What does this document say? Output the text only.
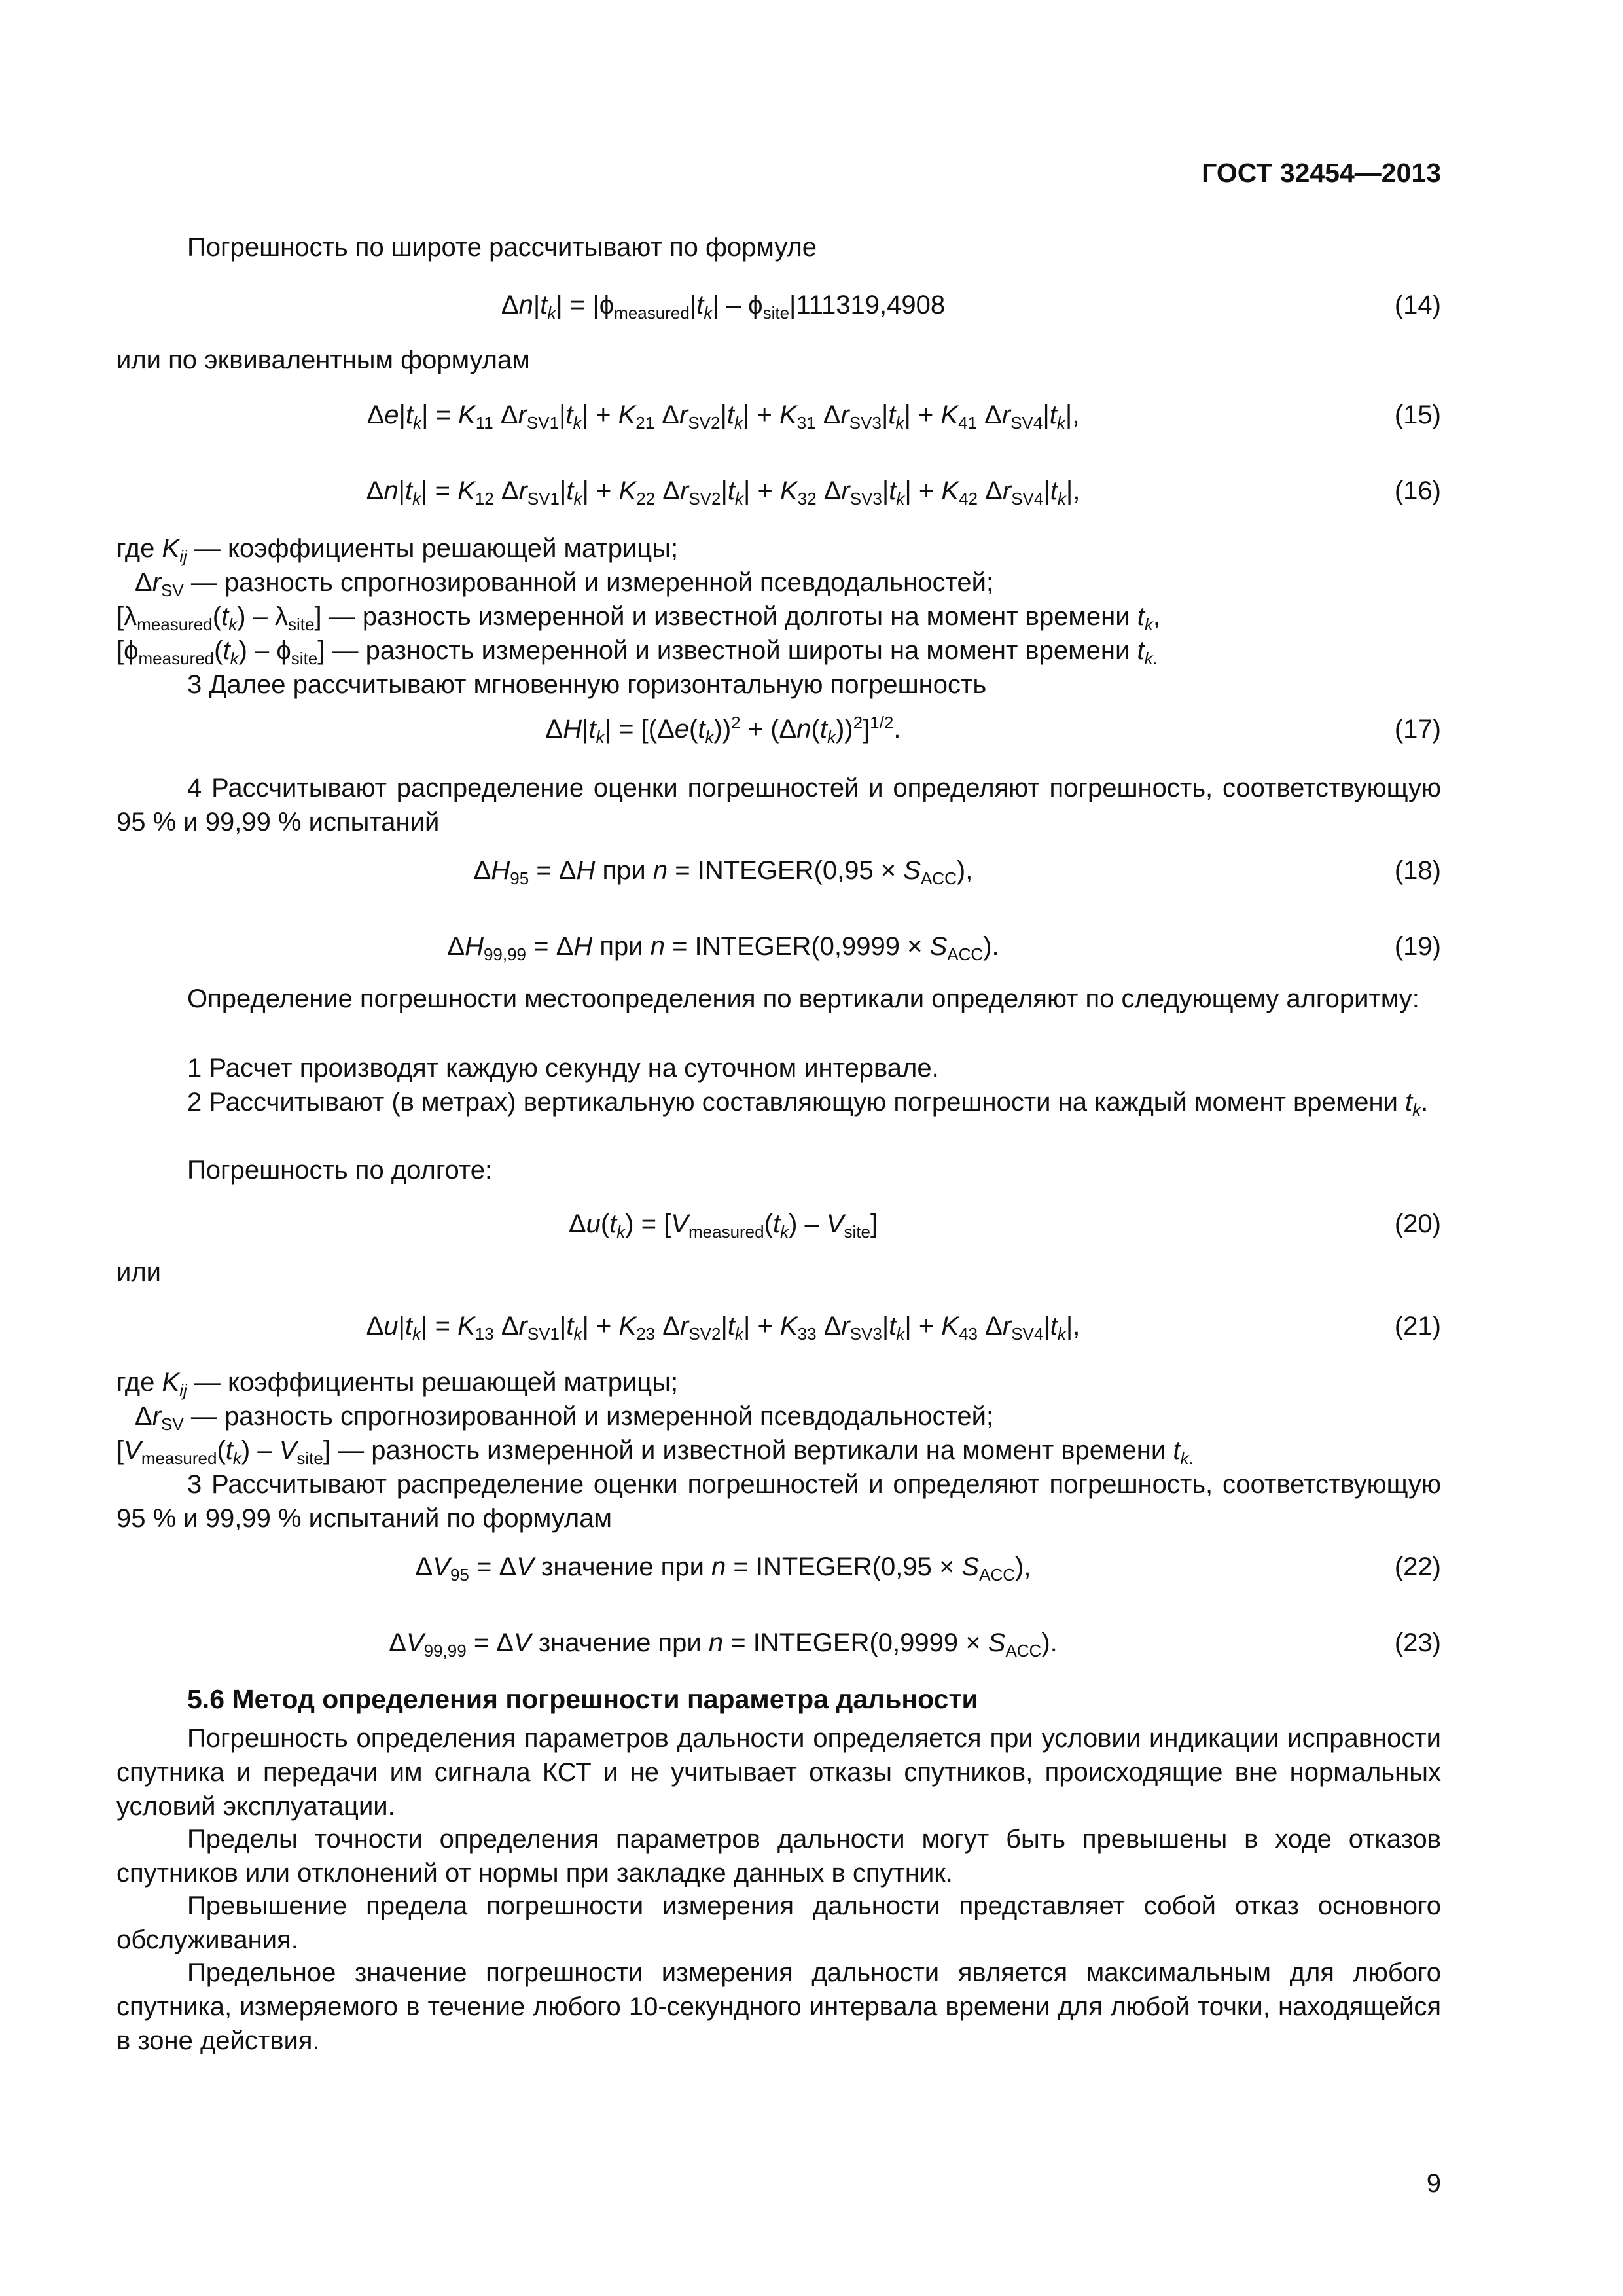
ГОСТ 32454—2013
Погрешность по широте рассчитывают по формуле
$\Delta n|t_k| = |\phi_{measured}|t_k| - \phi_{site}|111319,4908$	(14)
или по эквивалентным формулам
$\Delta e|t_k| = K_{11}$ $\Delta r_{SV1}|t_k| + K_{21}$ $\Delta r_{SV2}|t_k| + K_{31}$ $\Delta r_{SV3}|t_k| + K_{41}$ $\Delta r_{SV4}|t_k|$,	(15)
$\Delta n|t_k| = K_{12}$ $\Delta r_{SV1}|t_k| + K_{22}$ $\Delta r_{SV2}|t_k| + K_{32}$ $\Delta r_{SV3}|t_k| + K_{42}$ $\Delta r_{SV4}|t_k|$,	(16)
где $K_{ij}$ — коэффициенты решающей матрицы;
$\Delta r_{SV}$ — разность спрогнозированной и измеренной псевдодальностей;
$[\lambda_{measured}(t_k) - \lambda_{site}]$ — разность измеренной и известной долготы на момент времени $t_k$,
$[\phi_{measured}(t_k) - \phi_{site}]$ — разность измеренной и известной широты на момент времени $t_{k.}$
3 Далее рассчитывают мгновенную горизонтальную погрешность
$\Delta H|t_k| = [(\Delta e(t_k))^2 + (\Delta n(t_k))^2]^{1/2}$.	(17)
4 Рассчитывают распределение оценки погрешностей и определяют погрешность, соответствующую 95 % и 99,99 % испытаний
$\Delta H_{95} = \Delta H$ при n = INTEGER(0,95 × $S_{ACC}$),	(18)
$\Delta H_{99,99} = \Delta H$ при n = INTEGER(0,9999 × $S_{ACC}$).	(19)
Определение погрешности местоопределения по вертикали определяют по следующему алгоритму:
1 Расчет производят каждую секунду на суточном интервале.
2 Рассчитывают (в метрах) вертикальную составляющую погрешности на каждый момент времени $t_k$.
Погрешность по долготе:
$\Delta u(t_k) = [V_{measured}(t_k) - V_{site}]$	(20)
или
$\Delta u|t_k| = K_{13}$ $\Delta r_{SV1}|t_k| + K_{23}$ $\Delta r_{SV2}|t_k| + K_{33}$ $\Delta r_{SV3}|t_k| + K_{43}$ $\Delta r_{SV4}|t_k|$,	(21)
где $K_{ij}$ — коэффициенты решающей матрицы;
$\Delta r_{SV}$ — разность спрогнозированной и измеренной псевдодальностей;
$[V_{measured}(t_k) - V_{site}]$ — разность измеренной и известной вертикали на момент времени $t_{k.}$
3 Рассчитывают распределение оценки погрешностей и определяют погрешность, соответствующую 95 % и 99,99 % испытаний по формулам
$\Delta V_{95} = \Delta V$ значение при n = INTEGER(0,95 × $S_{ACC}$),	(22)
$\Delta V_{99,99} = \Delta V$ значение при n = INTEGER(0,9999 × $S_{ACC}$).	(23)
5.6 Метод определения погрешности параметра дальности
Погрешность определения параметров дальности определяется при условии индикации исправности спутника и передачи им сигнала КСТ и не учитывает отказы спутников, происходящие вне нормальных условий эксплуатации.
Пределы точности определения параметров дальности могут быть превышены в ходе отказов спутников или отклонений от нормы при закладке данных в спутник.
Превышение предела погрешности измерения дальности представляет собой отказ основного обслуживания.
Предельное значение погрешности измерения дальности является максимальным для любого спутника, измеряемого в течение любого 10-секундного интервала времени для любой точки, находящейся в зоне действия.
9
